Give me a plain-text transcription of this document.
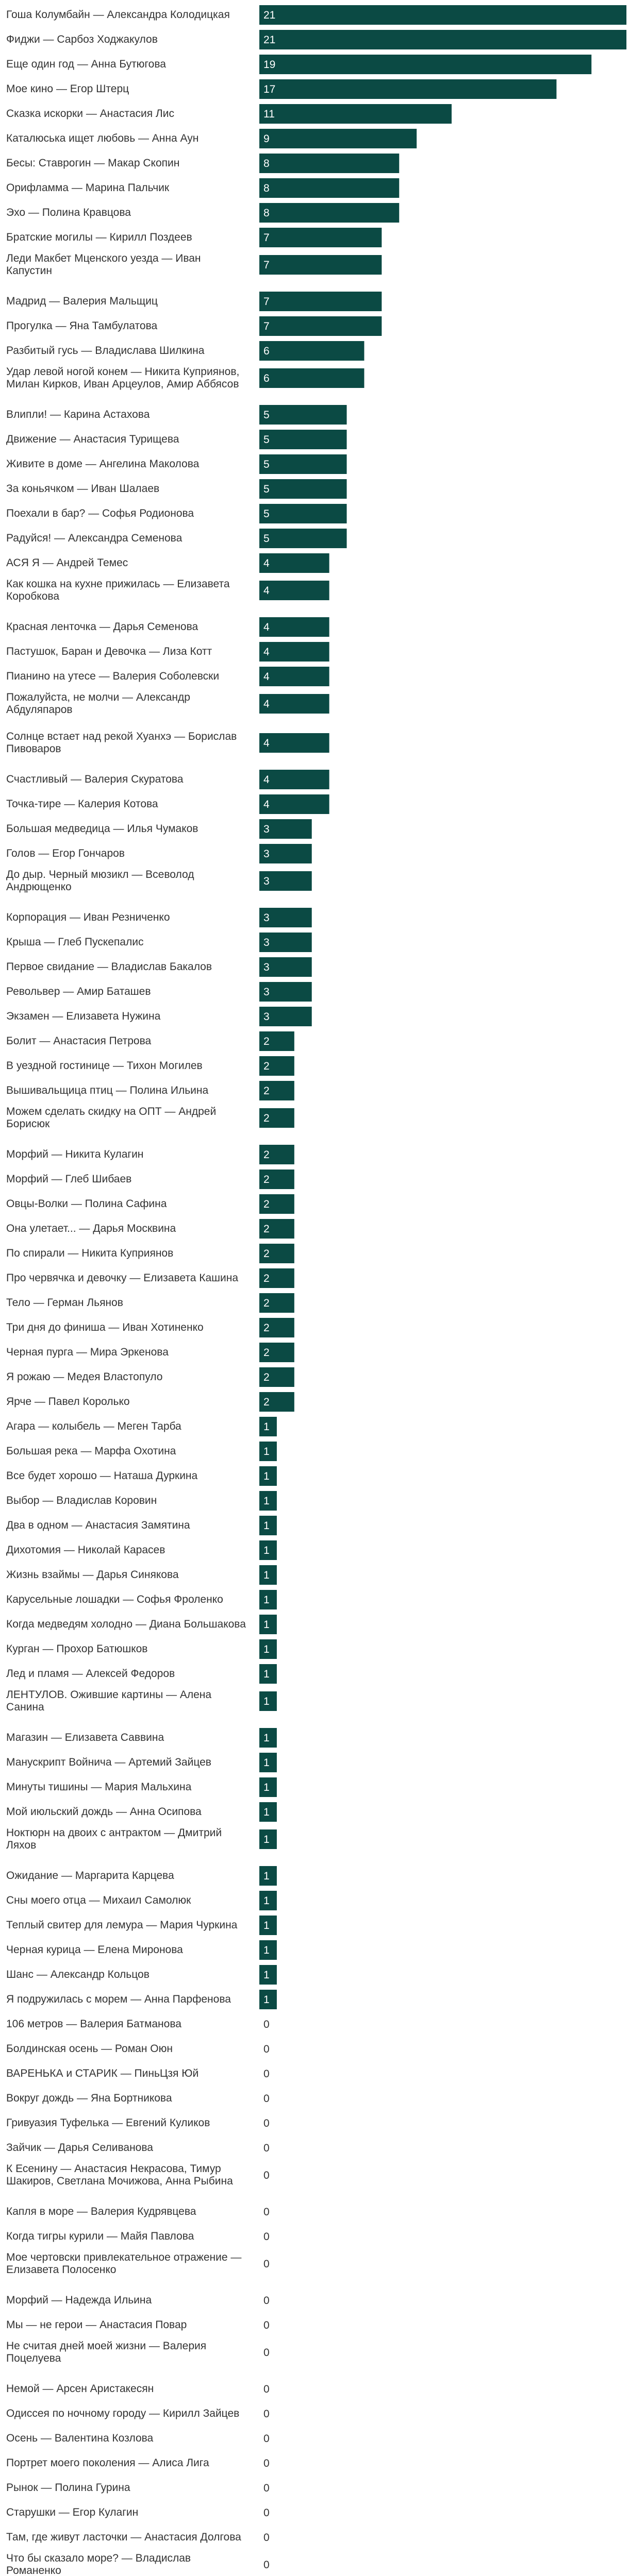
Гоша Колумбайн — Александра Колодицкая	21
Фиджи — Сарбоз Ходжакулов	21
Еще один год — Анна Бутюгова	19
Мое кино — Егор Штерц	17
Сказка искорки — Анастасия Лис	11
Каталюська ищет любовь — Анна Аун	9
Бесы: Ставрогин — Макар Скопин	8
Орифламма — Марина Пальчик	8
Эхо — Полина Кравцова	8
Братские могилы — Кирилл Поздеев	7
Леди Макбет Мценского уезда — Иван Капустин	7
Мадрид — Валерия Мальщиц	7
Прогулка — Яна Тамбулатова	7
Разбитый гусь — Владислава Шилкина	6
Удар левой ногой конем — Никита Куприянов, Милан Кирков, Иван Арцеулов, Амир Аббясов 6
Влипли! — Карина Астахова	5
Движение — Анастасия Турищева	5
Живите в доме — Ангелина Маколова	5
За коньячком — Иван Шалаев	5
Поехали в бар? — Софья Родионова	5
Радуйся! — Александра Семенова	5
АСЯ Я — Андрей Темес	4
Как кошка на кухне прижилась — Елизавета Коробкова	4
Красная ленточка — Дарья Семенова	4
Пастушок, Баран и Девочка — Лиза Котт	4
Пианино на утесе — Валерия Соболевски	4
Пожалуйста, не молчи — Александр Абдуляпаров	4
Солнце встает над рекой Хуанхэ — Борислав Пивоваров	4
Счастливый — Валерия Скуратова	4
Точка-тире — Калерия Котова	4
Большая медведица — Илья Чумаков	3
Голов — Егор Гончаров	3
До дыр. Черный мюзикл — Всеволод Андрющенко	3
Корпорация — Иван Резниченко	3
Крыша — Глеб Пускепалис	3
Первое свидание — Владислав Бакалов	3
Револьвер — Амир Баташев	3
Экзамен — Елизавета Нужина	3
Болит — Анастасия Петрова	2
В уездной гостинице — Тихон Могилев	2
Вышивальщица птиц — Полина Ильина	2
Можем сделать скидку на ОПТ — Андрей Борисюк	2
Морфий — Никита Кулагин	2
Морфий — Глеб Шибаев	2
Овцы-Волки — Полина Сафина	2
Она улетает... — Дарья Москвина	2
По спирали — Никита Куприянов	2
Про червячка и девочку — Елизавета Кашина 2
Тело — Герман Льянов	2
Три дня до финиша — Иван Хотиненко	2
Черная пурга — Мира Эркенова	2
Я рожаю — Медея Властопуло	2
Ярче — Павел Королько	2
Агара — колыбель — Меген Тарба	1
Большая река — Марфа Охотина	1
Все будет хорошо — Наташа Дуркина	1
Выбор — Владислав Коровин	1
Два в одном — Анастасия Замятина	1
Дихотомия — Николай Карасев	1
Жизнь взаймы — Дарья Синякова	1
Карусельные лошадки — Софья Фроленко	1
Когда медведям холодно — Диана Большакова 1
Курган — Прохор Батюшков	1
Лед и пламя — Алексей Федоров	1
ЛЕНТУЛОВ. Ожившие картины — Алена Санина	1
Магазин — Елизавета Саввина	1
Манускрипт Войнича — Артемий Зайцев	1
Минуты тишины — Мария Мальхина	1
Мой июльский дождь — Анна Осипова	1
Ноктюрн на двоих с антрактом — Дмитрий Ляхов	1
Ожидание — Маргарита Карцева	1
Сны моего отца — Михаил Самолюк	1
Теплый свитер для лемура — Мария Чуркина 1
Черная курица — Елена Миронова	1
Шанс — Александр Кольцов	1
Я подружилась с морем — Анна Парфенова	1
106 метров — Валерия Батманова	0
Болдинская осень — Роман Оюн	0
ВАРЕНЬКА и СТАРИК — ПиньЦзя Юй	0
Вокруг дождь — Яна Бортникова	0
Гривуазия Туфелька — Евгений Куликов	0
Зайчик — Дарья Селиванова	0
К Есенину — Анастасия Некрасова, Тимур Шакиров, Светлана Мочижова, Анна Рыбина	0
Капля в море — Валерия Кудрявцева	0
Когда тигры курили — Майя Павлова	0
Мое чертовски привлекательное отражение — Елизавета Полосенко	0
Морфий — Надежда Ильина	0
Мы — не герои — Анастасия Повар	0
Не считая дней моей жизни — Валерия Поцелуева	0
Немой — Арсен Аристакесян	0
Одиссея по ночному городу — Кирилл Зайцев 0
Осень — Валентина Козлова	0
Портрет моего поколения — Алиса Лига	0
Рынок — Полина Гурина	0
Старушки — Егор Кулагин	0
Там, где живут ласточки — Анастасия Долгова 0
Что бы сказало море? — Владислав Романенко	0
